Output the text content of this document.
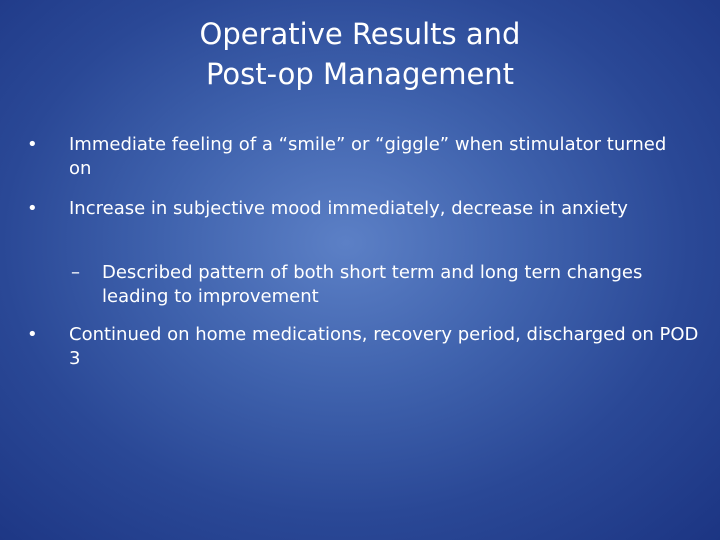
Operative Results and
Post-op Management
•	Immediate feeling of a “smile” or “giggle” when stimulator turned on
•	Increase in subjective mood immediately, decrease in anxiety
–	Described pattern of both short term and long tern changes leading to improvement
•	Continued on home medications, recovery period, discharged on POD 3
